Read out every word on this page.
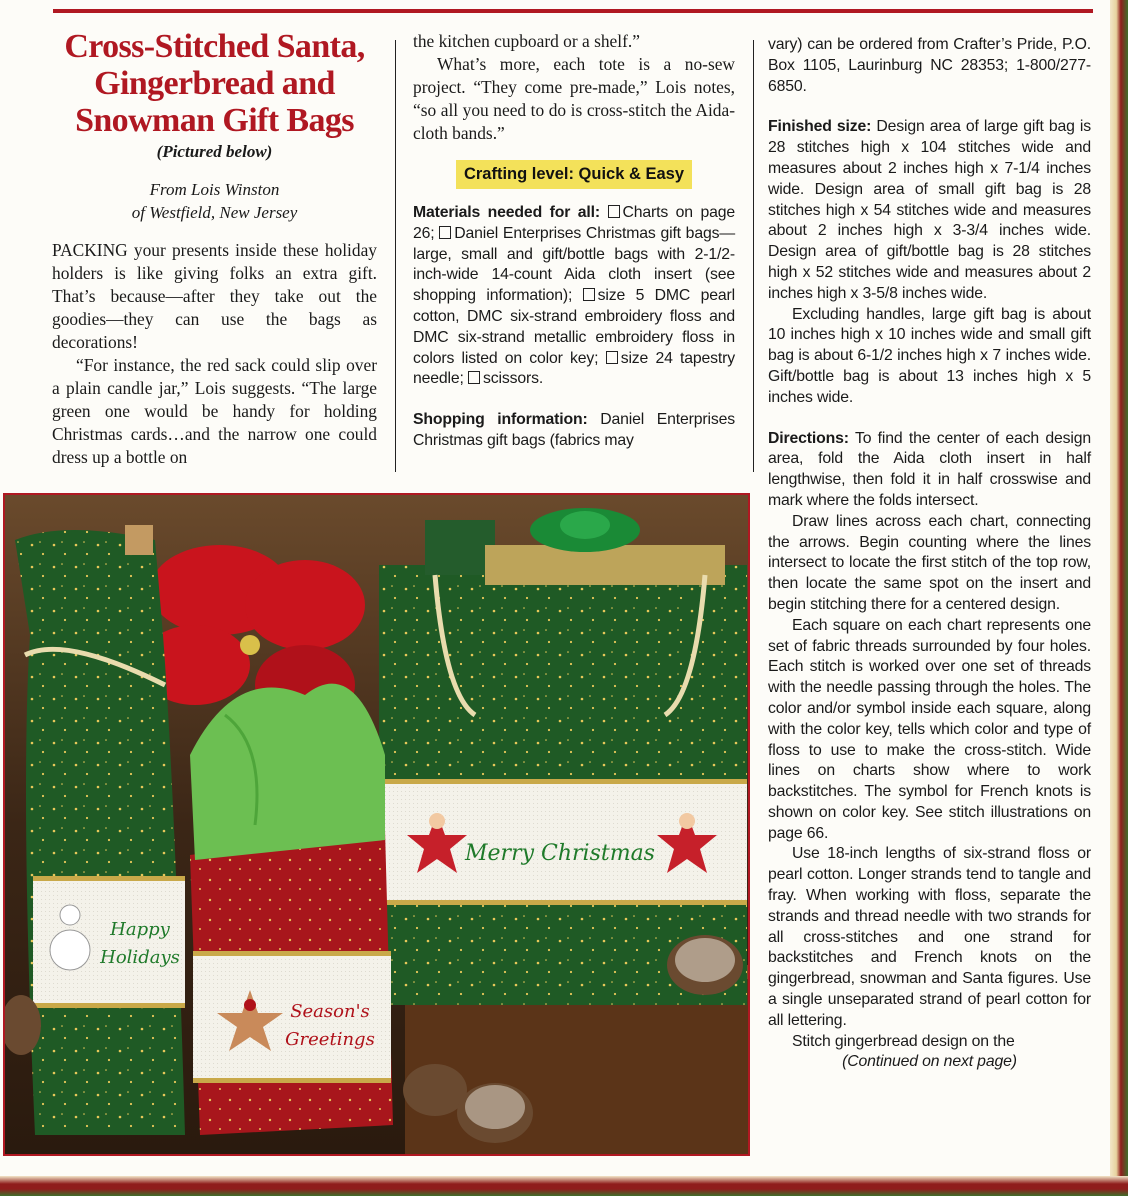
Cross-Stitched Santa,
Gingerbread and
Snowman Gift Bags
(Pictured below)
From Lois Winston
of Westfield, New Jersey

PACKING your presents inside these holiday holders is like giving folks an extra gift. That’s because—after they take out the goodies—they can use the bags as decorations!

“For instance, the red sack could slip over a plain candle jar,” Lois suggests. “The large green one would be handy for holding Christmas cards…and the narrow one could dress up a bottle on

the kitchen cupboard or a shelf.”

What’s more, each tote is a no-sew project. “They come pre-made,” Lois notes, “so all you need to do is cross-stitch the Aida-cloth bands.”

Crafting level: Quick & Easy

Materials needed for all: Charts on page 26; Daniel Enterprises Christmas gift bags—large, small and gift/bottle bags with 2-1/2-inch-wide 14-count Aida cloth insert (see shopping information); size 5 DMC pearl cotton, DMC six-strand embroidery floss and DMC six-strand metallic embroidery floss in colors listed on color key; size 24 tapestry needle; scissors.

Shopping information: Daniel Enterprises Christmas gift bags (fabrics may

vary) can be ordered from Crafter’s Pride, P.O. Box 1105, Laurinburg NC 28353; 1-800/277-6850.

Finished size: Design area of large gift bag is 28 stitches high x 104 stitches wide and measures about 2 inches high x 7-1/4 inches wide. Design area of small gift bag is 28 stitches high x 54 stitches wide and measures about 2 inches high x 3-3/4 inches wide. Design area of gift/bottle bag is 28 stitches high x 52 stitches wide and measures about 2 inches high x 3-5/8 inches wide.

Excluding handles, large gift bag is about 10 inches high x 10 inches wide and small gift bag is about 6-1/2 inches high x 7 inches wide. Gift/bottle bag is about 13 inches high x 5 inches wide.

Directions: To find the center of each design area, fold the Aida cloth insert in half lengthwise, then fold it in half crosswise and mark where the folds intersect.

Draw lines across each chart, connecting the arrows. Begin counting where the lines intersect to locate the first stitch of the top row, then locate the same spot on the insert and begin stitching there for a centered design.

Each square on each chart represents one set of fabric threads surrounded by four holes. Each stitch is worked over one set of threads with the needle passing through the holes. The color and/or symbol inside each square, along with the color key, tells which color and type of floss to use to make the cross-stitch. Wide lines on charts show where to work backstitches. The symbol for French knots is shown on color key. See stitch illustrations on page 66.

Use 18-inch lengths of six-strand floss or pearl cotton. Longer strands tend to tangle and fray. When working with floss, separate the strands and thread needle with two strands for all cross-stitches and one strand for backstitches and French knots on the gingerbread, snowman and Santa figures. Use a single unseparated strand of pearl cotton for all lettering.

Stitch gingerbread design on the

(Continued on next page)

Merry Christmas
Happy
Holidays
Season's
Greetings
